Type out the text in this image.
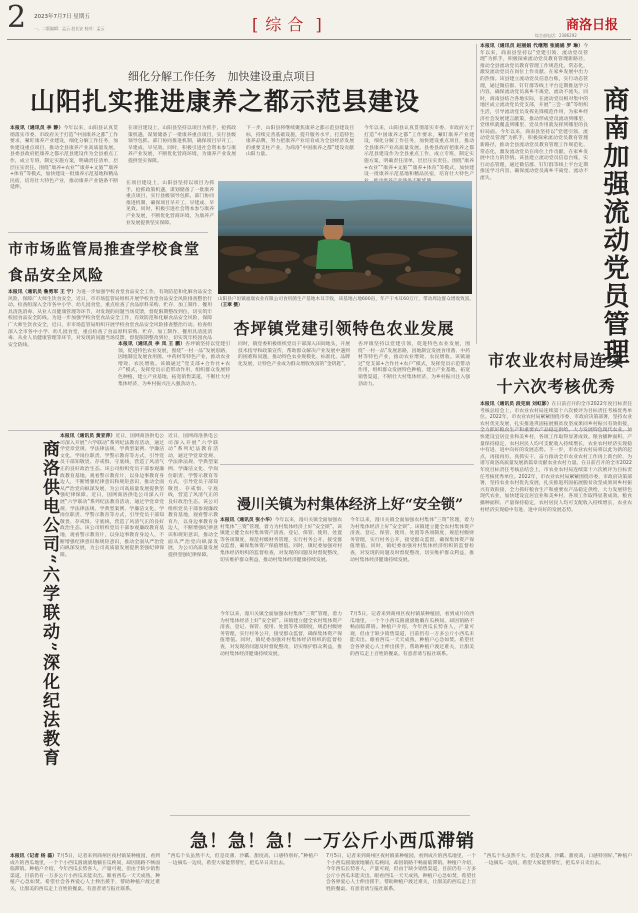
2 2023年7月7日 星期五
一、二版编辑：孟云 赵长安 校对：孟云	[ 综合 ]	商洛日报
综合部电话：2386292
细化分解工作任务 加快建设重点项目
山阳扎实推进康养之都示范县建设
本报讯（通讯员 李 静）今年以来，山阳县认真贯彻落实市委、市政府关于打造“中国康养之都”工作要求，紧盯康养产业建设，细化分解工作任务，加快建设重点项目，推动全县康养产业高质量发展。县委县政府把康养之都示范县建设作为全县重点工作，成立专班，制定实施方案，明确责任清单，层层压实责任。围绕“康养+农业”“康养+文旅”“康养+体育”等模式，加快建设一批康养示范基地和精品民宿，培育壮大特色产业，推动康养产业链条不断延伸。
在项目建设上，山阳县坚持以项目为抓手，抢抓政策机遇，谋划储备了一批康养重点项目，实行县级领导包抓、部门协同推进机制，确保项目早开工、早建成、早见效。同时，积极引进社会资本参与康养产业发展，不断优化营商环境，为康养产业发展提供坚实保障。
下一步，山阳县将继续聚焦康养之都示范县建设目标，持续完善基础设施，提升服务水平，打造特色康养品牌，努力把康养产业培育成为全县经济发展的重要支柱产业，为商洛“中国康养之都”建设贡献山阳力量。
今年以来，山阳县认真贯彻落实市委、市政府关于打造“中国康养之都”工作要求，紧盯康养产业建设，细化分解工作任务，加快建设重点项目，推动全县康养产业高质量发展。县委县政府把康养之都示范县建设作为全县重点工作，成立专班，制定实施方案，明确责任清单，层层压实责任。围绕“康养+农业”“康养+文旅”“康养+体育”等模式，加快建设一批康养示范基地和精品民宿，培育壮大特色产
山阳县户垣镇福康农业有限公司食用菌生产基地木耳丰收，该基地占地600亩，年产干木耳60万斤，带动周边群众增收致富。（王翠 摄）
在项目建设上，山阳县坚持以项目为抓手，抢抓政策机遇，谋划储备了一批康养重点项目，实行县级领导包抓、部门协同推进机制，确保项目早开工、早建成、早见效。同时，积极引进社会资本参与康养产业发展，不断优化营商环境，为康养产业发展提供坚实保障。
本报讯（通讯员 赵丽娟 代继翔 张娟娟 罗 琳）今年以来，商南县坚持以“党建引领、流动党员管理”为抓手，积极探索流动党员教育管理新路径，推动全县流动党员教育管理工作规范化、常态化，激发流动党员在岗位上作贡献、在家乡发展中出力的热情。该县建立流动党员信息台账，实行动态管理，通过微信群、钉钉群等线上平台定期推送学习内容，确保流动党员离乡不离党、流动不流失。同时，商南县结合各地实际，在流动党员相对集中的地区成立流动党员党支部，开展“三会一课”等组织生活，引导流动党员发挥先锋模范作用，为家乡经济社会发展建言献策，推动形成党员流动到哪里、党组织就覆盖到哪里、党员作用就发挥到哪里的良好局面。今年以来，商南县坚持以“党建引领、流动党员管理”为抓手，积极探索流动党员教育管理新路径，推动全县流动党员教育管理工作规范化、常态化，激发流动党员在岗位上作贡献、在家乡发展中出力的热情。该县建立流动党员信息台账，实行动态管理，通过微信群、钉钉群等线上平台定期推送学习内容，确保流动党员离乡不离党、流动不流失。	商南加强流动党员管理
市市场监管局推查学校食堂食品安全风险
本报讯（通讯员 鲁勇军 王 宁）为进一步加强学校食堂食品安全工作，有效防范和化解食品安全风险，保障广大师生饮食安全，近日，市市场监管局组织开展学校食堂食品安全风险排查整治行动。检查组深入全市各中小学、幼儿园食堂，重点检查了食品原料采购、贮存、加工制作、餐用具清洗消毒、从业人员健康管理等环节，对发现的问题当场反馈，督促限期整改到位，切实筑牢校园食品安全防线。为进一步加强学校食堂食品安全工作，有效防范和化解食品安全风险，保障广大师生饮食安全，近日，市市场监管局组织开展学校食堂食品安全风险排查整治行动。检查组深入全市各中小学、幼儿园食堂，重点检查了食品原料采购、贮存、加工制作、餐用具清洗消毒、从业人员健康管理等环节，对发现的问题当场反馈，督促限期整改到位，切实筑牢校园食品安全防线。
杏坪镇党建引领特色农业发展
本报讯（通讯员 李 凤 王 鹏）杏坪镇坚持以党建引领，促进特色农业发展，围绕“一村一品”发展思路，因地制宜发展食用菌、中药材等特色产业，推动农业增效、农民增收。该镇通过“党支部+合作社+农户”模式，发挥党员示范带动作用，组织群众发展特色种植，建立产业基地，拓宽销售渠道，不断壮大村集体经济，为乡村振兴注入强劲动力。
同时，镇党委积极组织党员干部深入田间地头，开展技术指导和政策宣传，帮助群众解决产业发展中遇到的困难和问题，推动特色农业规模化、标准化、品牌化发展，让特色产业成为群众增收致富的“金钥匙”。
杏坪镇坚持以党建引领，促进特色农业发展，围绕“一村一品”发展思路，因地制宜发展食用菌、中药材等特色产业，推动农业增效、农民增收。该镇通过“党支部+合作社+农户”模式，发挥党员示范带动作用，组织群众发展特色种植，建立产业基地，拓宽销售渠道，不断壮大村集体经济，为乡村振兴注入强劲动力。
市农业农村局连续十六次考核优秀
本报讯（通讯员 段克雨 刘虹影）在日前召开的全市2022年度目标责任考核总结会上，市农业农村局连续第十六次被评为目标责任考核优秀单位。2022年，市农业农村局紧紧围绕市委、市政府决策部署，坚持农业农村优先发展，扎实推进巩固拓展脱贫攻坚成果同乡村振兴有效衔接，全力抓好粮食生产和重要农产品稳定供给，大力发展特色现代农业，加快建设宜居宜业和美乡村，各项工作取得显著成效。粮食播种面积、产量保持稳定，农村居民人均可支配收入持续增长，农业农村经济实现稳中有进、进中向好的发展态势。下一步，市农业农村局将以此为新的起点，再接再厉，真抓实干，奋力推动全市农业农村工作再上新台阶，为谱写商洛高质量发展新篇章贡献农业农村力量。在日前召开的全市2022年度目标责任考核总结会上，市农业农村局连续第十六次被评为目标责任考核优秀单位。2022年，市农业农村局紧紧围绕市委、市政府决策部署，坚持农业农村优先发展，扎实推进巩固拓展脱贫攻坚成果同乡村振兴有效衔接，全力抓好粮食生产和重要农产品稳定供给，大力发展特色现代农业，加快建设宜居宜业和美乡村，各项工作取得显著成效。粮食播种面积、产量保持稳定，农村居民人均可支配收入持续增长，农业农村经济实现稳中有进、进中向好的发展态势。
商洛供电公司“六学联动”深化纪法教育
本报讯（通讯员 黄亚萍）近日，国网商洛供电公司深入开展“六学联动”系列纪法教育活动，通过学党章党规、学法律法规、学典型案例、学廉洁文化、学岗位职责、学警示教育等方式，引导党员干部知敬畏、存戒惧、守底线，营造了风清气正的良好政治生态。该公司组织党员干部参观廉政教育基地，观看警示教育片，以身边事教育身边人，不断增强纪律意识和规矩意识，推动全面从严治党向纵深发展，为公司高质量发展提供坚强纪律保障。近日，国网商洛供电公司深入开展“六学联动”系列纪法教育活动，通过学党章党规、学法律法规、学典型案例、学廉洁文化、学岗位职责、学警示教育等方式，引导党员干部知敬畏、存戒惧、守底线，营造了风清气正的良好政治生态。该公司组织党员干部参观廉政教育基地，观看警示教育片，以身边事教育身边人，不断增强纪律意识和规矩意识，推动全面从严治党向纵深发展，为公司高质量发展提供坚强纪律保障。
近日，国网商洛供电公司深入开展“六学联动”系列纪法教育活动，通过学党章党规、学法律法规、学典型案例、学廉洁文化、学岗位职责、学警示教育等方式，引导党员干部知敬畏、存戒惧、守底线，营造了风清气正的良好政治生态。该公司组织党员干部参观廉政教育基地，观看警示教育片，以身边事教育身边人，不断增强纪律意识和规矩意识，推动全面从严治党向纵深发展，为公司高质量发展提供坚强纪律保障。
漫川关镇为村集体经济上好“安全锁”
本报讯（通讯员 张小华）今年以来，漫川关镇全面加强农村集体“三资”管理，着力为村集体经济上好“安全锁”。该镇建立健全农村集体资产清查、登记、保管、使用、处置等各项制度，规范村级财务管理，实行村务公开，接受群众监督，确保集体资产保值增值。同时，镇纪委加强对村集体经济组织的监督检查，对发现的问题及时督促整改，切实维护群众利益，推动村集体经济健康持续发展。
今年以来，漫川关镇全面加强农村集体“三资”管理，着力为村集体经济上好“安全锁”。该镇建立健全农村集体资产清查、登记、保管、使用、处置等各项制度，规范村级财务管理，实行村务公开，接受群众监督，确保集体资产保值增值。同时，镇纪委加强对村集体经济组织的监督检查，对发现的问题及时督促整改，切实维护群众利益，推动村集体经济健康持续发展。
急！急！急！一万公斤小西瓜滞销
本报讯（记者 杨 磊）7月5日，记者来到商州区夜村镇某种植园，看到成片的西瓜地里，一个个小西瓜圆滚滚地躺在瓜秧间，却因销路不畅面临滞销。种植户介绍，今年西瓜长势喜人，产量可观，但由于缺少销售渠道，目前仍有一万多公斤小西瓜未能卖出。眼看西瓜一天天成熟，种植户心急如焚。希望社会各界爱心人士伸出援手，帮助种植户渡过难关，让甜美的西瓜走上百姓的餐桌。有意者请与报社联系。
“西瓜个头虽然不大，但是皮薄、沙瓤、甜度高，口感特别好。”种植户一边摘瓜一边说，希望大家能帮帮忙，把瓜早日卖出去。
7月5日，记者来到商州区夜村镇某种植园，看到成片的西瓜地里，一个个小西瓜圆滚滚地躺在瓜秧间，却因销路不畅面临滞销。种植户介绍，今年西瓜长势喜人，产量可观，但由于缺少销售渠道，目前仍有一万多公斤小西瓜未能卖出。眼看西瓜一天天成熟，种植户心急如焚。希望社会各界爱心人士伸出援手，帮助种植户渡过难关，让甜美的西瓜走上百姓的餐桌。有意者请与报社联系。
“西瓜个头虽然不大，但是皮薄、沙瓤、甜度高，口感特别好。”种植户一边摘瓜一边说，希望大家能帮帮忙，把瓜早日卖出去。
今年以来，漫川关镇全面加强农村集体“三资”管理，着力为村集体经济上好“安全锁”。该镇建立健全农村集体资产清查、登记、保管、使用、处置等各项制度，规范村级财务管理，实行村务公开，接受群众监督，确保集体资产保值增值。同时，镇纪委加强对村集体经济组织的监督检查，对发现的问题及时督促整改，切实维护群众利益，推动村集体经济健康持续发展。
7月5日，记者来到商州区夜村镇某种植园，看到成片的西瓜地里，一个个小西瓜圆滚滚地躺在瓜秧间，却因销路不畅面临滞销。种植户介绍，今年西瓜长势喜人，产量可观，但由于缺少销售渠道，目前仍有一万多公斤小西瓜未能卖出。眼看西瓜一天天成熟，种植户心急如焚。希望社会各界爱心人士伸出援手，帮助种植户渡过难关，让甜美的西瓜走上百姓的餐桌。有意者请与报社联系。
